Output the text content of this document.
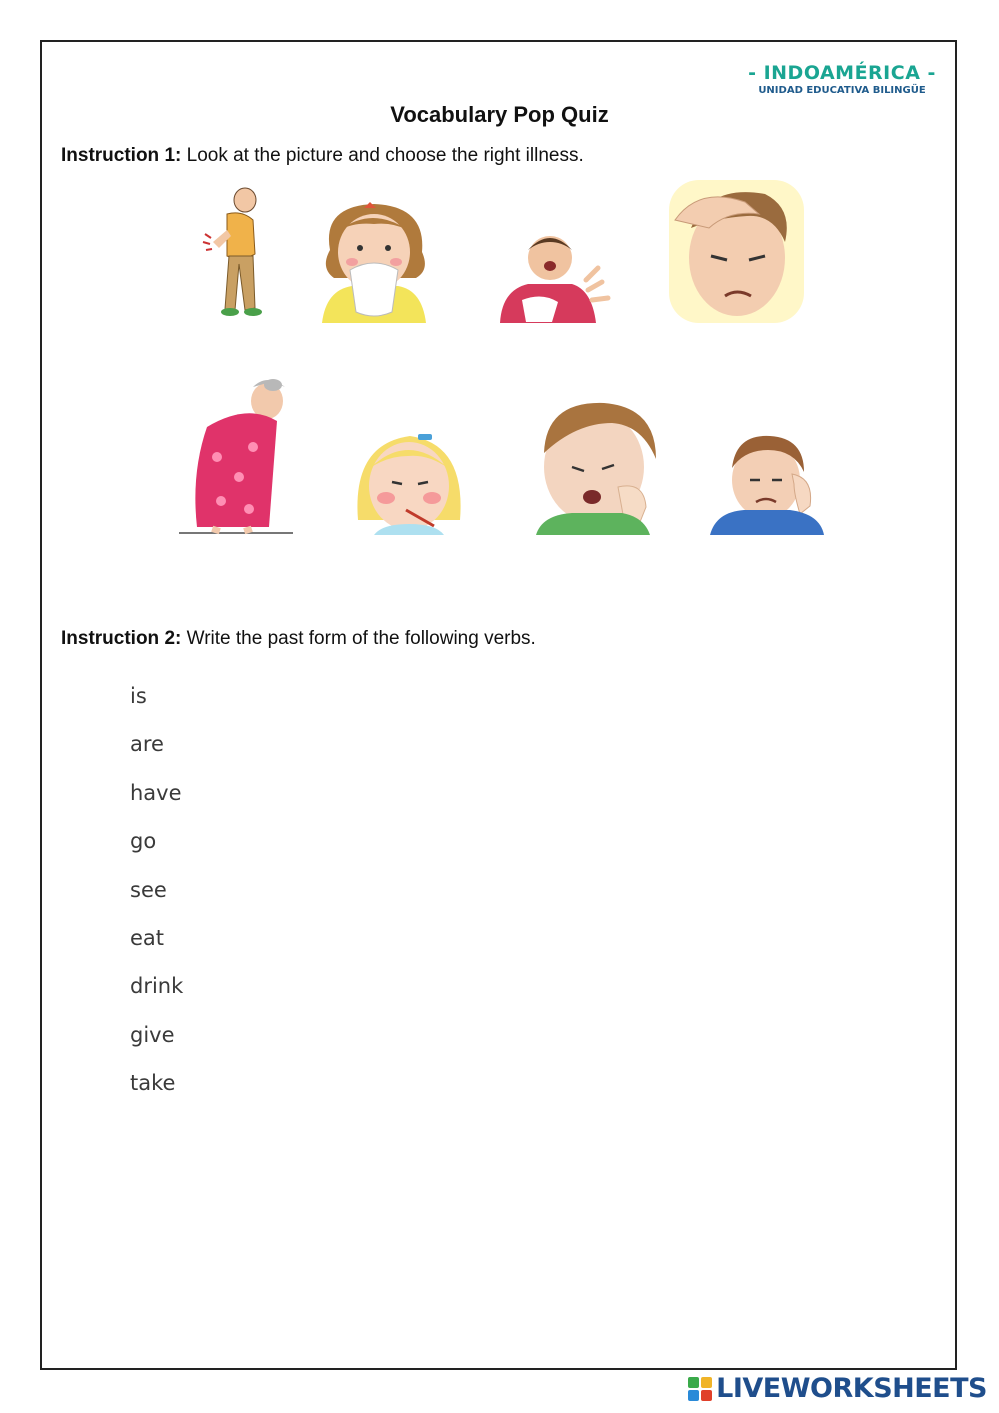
- INDOAMÉRICA -
UNIDAD EDUCATIVA BILINGÜE
Vocabulary Pop Quiz
Instruction 1: Look at the picture and choose the right illness.
Instruction 2: Write the past form of the following verbs.
is
are
have
go
see
eat
drink
give
take
LIVEWORKSHEETS
